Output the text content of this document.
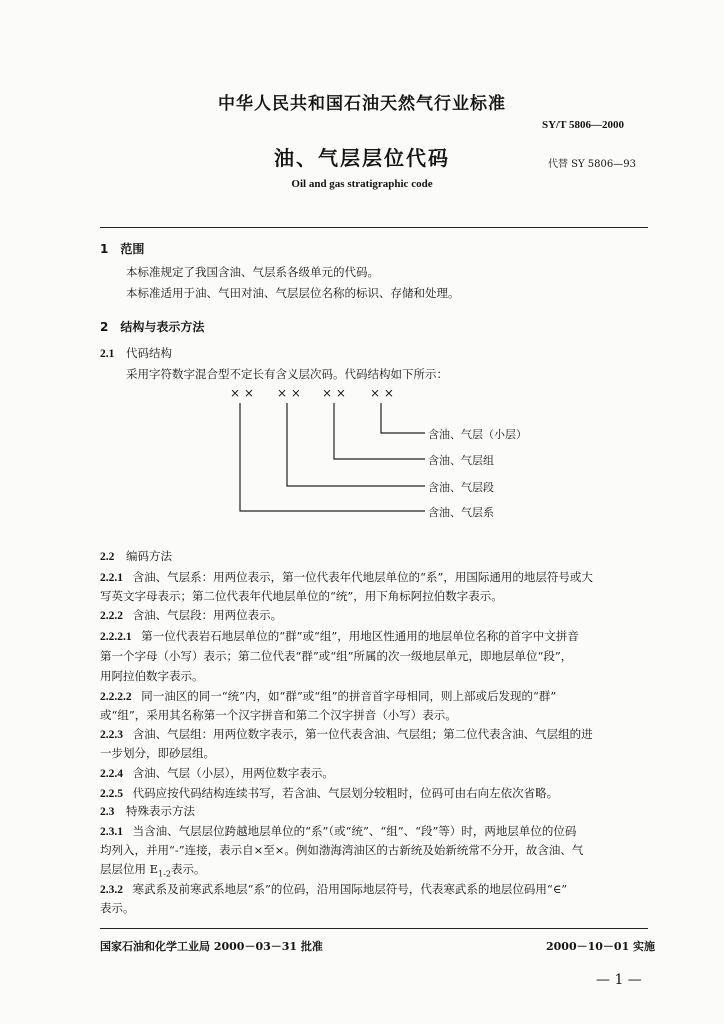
中华人民共和国石油天然气行业标准
SY/T 5806—2000
油、气层层位代码	代替 SY 5806—93
Oil and gas stratigraphic code
1　范围
本标准规定了我国含油、气层系各级单元的代码。
本标准适用于油、气田对油、气层层位名称的标识、存储和处理。
2　结构与表示方法
2.1 代码结构
采用字符数字混合型不定长有含义层次码。代码结构如下所示：
× × × × × × × ×
含油、气层（小层）
含油、气层组
含油、气层段
含油、气层系
2.2 编码方法
2.2.1 含油、气层系：用两位表示，第一位代表年代地层单位的“系”，用国际通用的地层符号或大
写英文字母表示；第二位代表年代地层单位的“统”，用下角标阿拉伯数字表示。
2.2.2 含油、气层段：用两位表示。
2.2.2.1 第一位代表岩石地层单位的“群”或“组”，用地区性通用的地层单位名称的首字中文拼音
第一个字母（小写）表示；第二位代表“群”或“组”所属的次一级地层单元，即地层单位“段”，
用阿拉伯数字表示。
2.2.2.2 同一油区的同一“统”内，如“群”或“组”的拼音首字母相同，则上部或后发现的“群”
或“组”，采用其名称第一个汉字拼音和第二个汉字拼音（小写）表示。
2.2.3 含油、气层组：用两位数字表示，第一位代表含油、气层组；第二位代表含油、气层组的进
一步划分，即砂层组。
2.2.4 含油、气层（小层），用两位数字表示。
2.2.5 代码应按代码结构连续书写，若含油、气层划分较粗时，位码可由右向左依次省略。
2.3 特殊表示方法
2.3.1 当含油、气层层位跨越地层单位的“系”（或“统”、“组”、“段”等）时，两地层单位的位码
均列入，并用“-”连接，表示自×至×。例如渤海湾油区的古新统及始新统常不分开，故含油、气
层层位用 $E_{1-2}$表示。
2.3.2 寒武系及前寒武系地层“系”的位码，沿用国际地层符号，代表寒武系的地层位码用“∈”
表示。
国家石油和化学工业局 2000－03－31 批准	2000－10－01 实施
— 1 —
